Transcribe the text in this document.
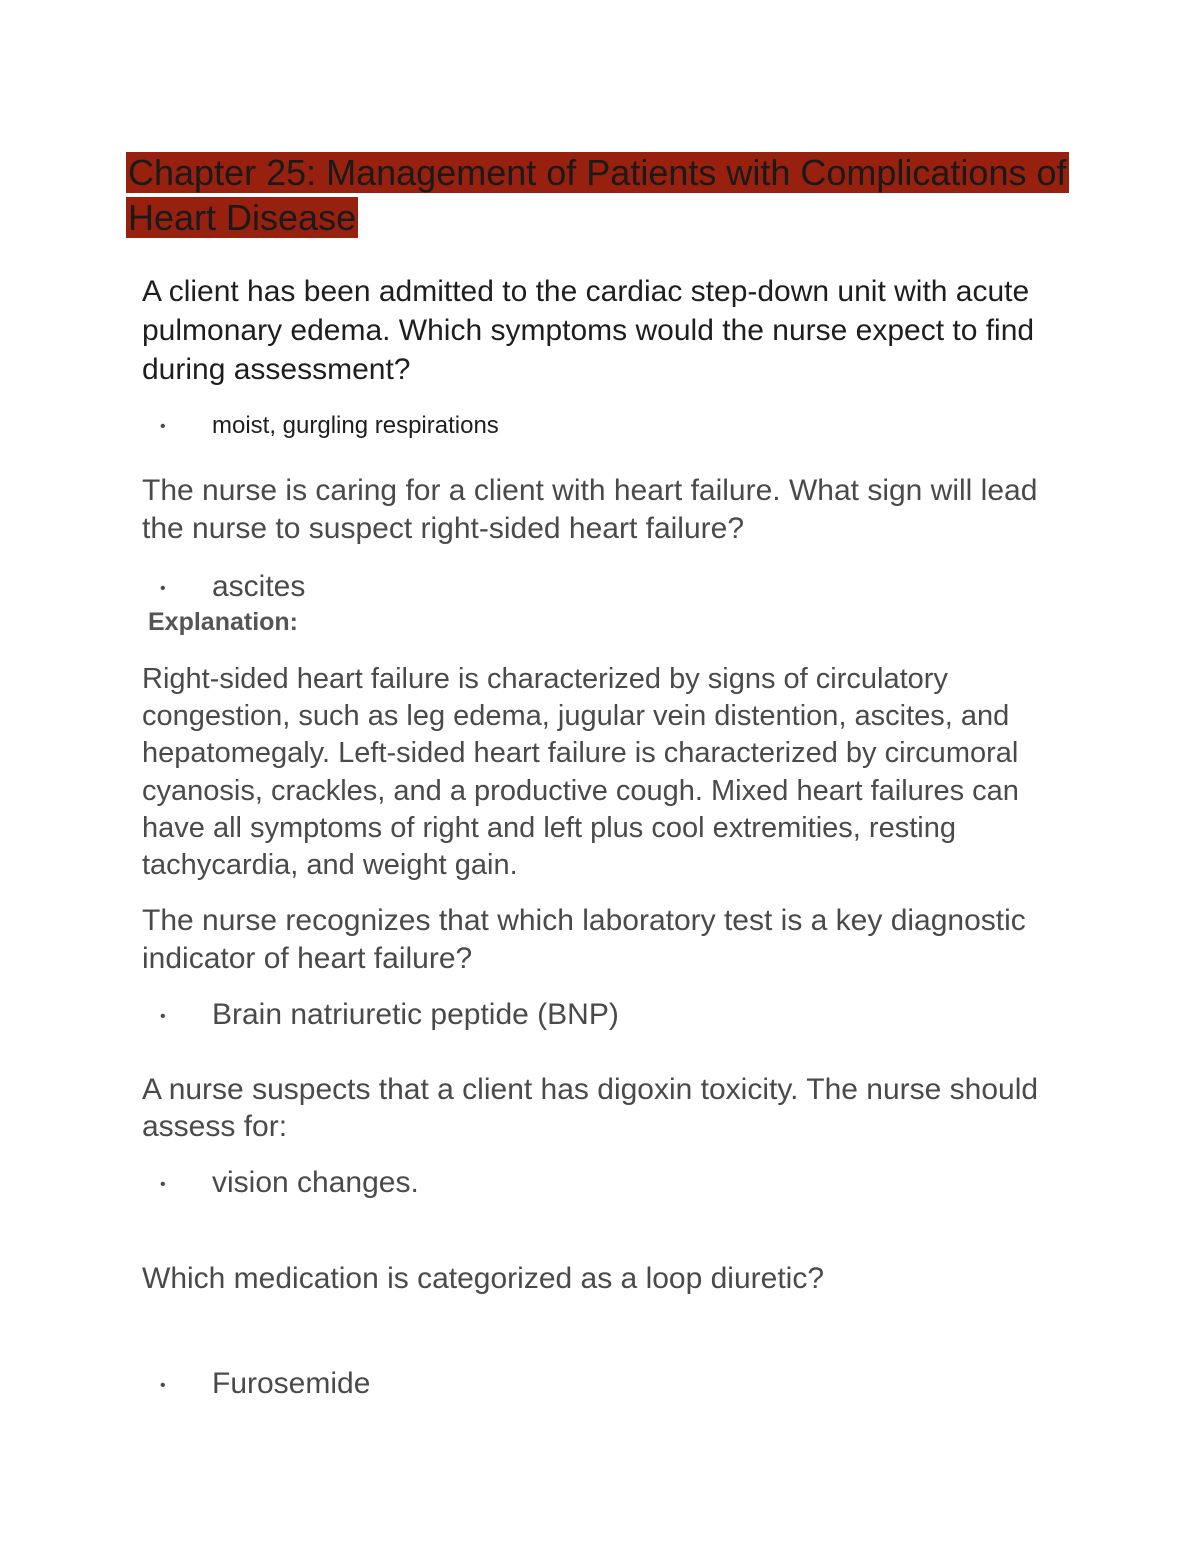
Chapter 25: Management of Patients with Complications of
Heart Disease

A client has been admitted to the cardiac step-down unit with acute pulmonary edema. Which symptoms would the nurse expect to find during assessment?

• moist, gurgling respirations

The nurse is caring for a client with heart failure. What sign will lead the nurse to suspect right-sided heart failure?

• ascites

Explanation:

Right-sided heart failure is characterized by signs of circulatory congestion, such as leg edema, jugular vein distention, ascites, and hepatomegaly. Left-sided heart failure is characterized by circumoral cyanosis, crackles, and a productive cough. Mixed heart failures can have all symptoms of right and left plus cool extremities, resting tachycardia, and weight gain.

The nurse recognizes that which laboratory test is a key diagnostic indicator of heart failure?

• Brain natriuretic peptide (BNP)

A nurse suspects that a client has digoxin toxicity. The nurse should assess for:

• vision changes.

Which medication is categorized as a loop diuretic?

• Furosemide
